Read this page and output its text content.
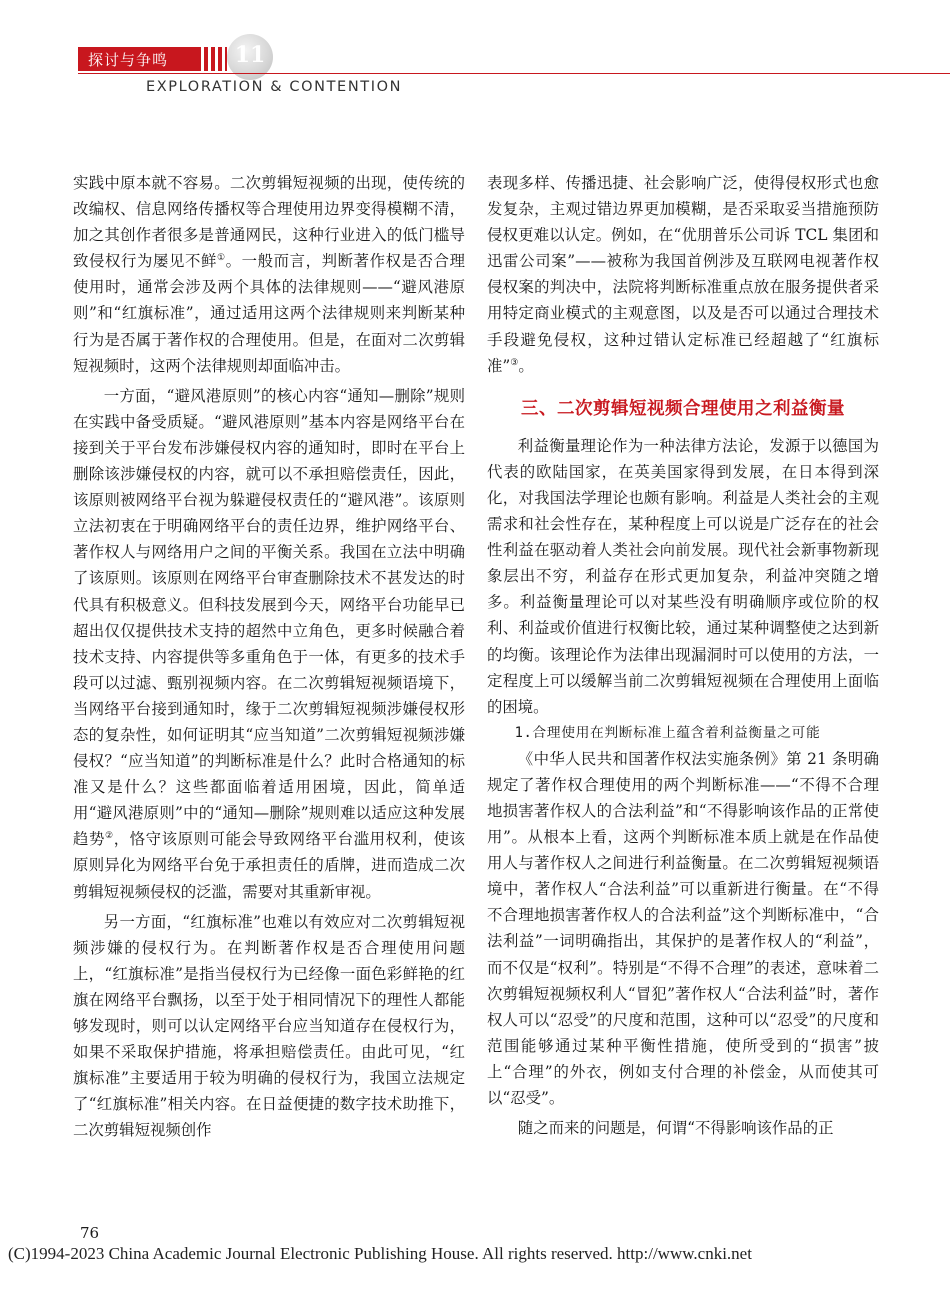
探讨与争鸣	11
EXPLORATION & CONTENTION

实践中原本就不容易。二次剪辑短视频的出现，使传统的改编权、信息网络传播权等合理使用边界变得模糊不清，加之其创作者很多是普通网民，这种行业进入的低门槛导致侵权行为屡见不鲜①。一般而言，判断著作权是否合理使用时，通常会涉及两个具体的法律规则——“避风港原则”和“红旗标准”，通过适用这两个法律规则来判断某种行为是否属于著作权的合理使用。但是，在面对二次剪辑短视频时，这两个法律规则却面临冲击。

一方面，“避风港原则”的核心内容“通知—删除”规则在实践中备受质疑。“避风港原则”基本内容是网络平台在接到关于平台发布涉嫌侵权内容的通知时，即时在平台上删除该涉嫌侵权的内容，就可以不承担赔偿责任，因此，该原则被网络平台视为躲避侵权责任的“避风港”。该原则立法初衷在于明确网络平台的责任边界，维护网络平台、著作权人与网络用户之间的平衡关系。我国在立法中明确了该原则。该原则在网络平台审查删除技术不甚发达的时代具有积极意义。但科技发展到今天，网络平台功能早已超出仅仅提供技术支持的超然中立角色，更多时候融合着技术支持、内容提供等多重角色于一体，有更多的技术手段可以过滤、甄别视频内容。在二次剪辑短视频语境下，当网络平台接到通知时，缘于二次剪辑短视频涉嫌侵权形态的复杂性，如何证明其“应当知道”二次剪辑短视频涉嫌侵权？“应当知道”的判断标准是什么？此时合格通知的标准又是什么？这些都面临着适用困境，因此，简单适用“避风港原则”中的“通知—删除”规则难以适应这种发展趋势②，恪守该原则可能会导致网络平台滥用权利，使该原则异化为网络平台免于承担责任的盾牌，进而造成二次剪辑短视频侵权的泛滥，需要对其重新审视。

另一方面，“红旗标准”也难以有效应对二次剪辑短视频涉嫌的侵权行为。在判断著作权是否合理使用问题上，“红旗标准”是指当侵权行为已经像一面色彩鲜艳的红旗在网络平台飘扬，以至于处于相同情况下的理性人都能够发现时，则可以认定网络平台应当知道存在侵权行为，如果不采取保护措施，将承担赔偿责任。由此可见，“红旗标准”主要适用于较为明确的侵权行为，我国立法规定了“红旗标准”相关内容。在日益便捷的数字技术助推下，二次剪辑短视频创作

表现多样、传播迅捷、社会影响广泛，使得侵权形式也愈发复杂，主观过错边界更加模糊，是否采取妥当措施预防侵权更难以认定。例如，在“优朋普乐公司诉 TCL 集团和迅雷公司案”——被称为我国首例涉及互联网电视著作权侵权案的判决中，法院将判断标准重点放在服务提供者采用特定商业模式的主观意图，以及是否可以通过合理技术手段避免侵权，这种过错认定标准已经超越了“红旗标准”③。

三、二次剪辑短视频合理使用之利益衡量

利益衡量理论作为一种法律方法论，发源于以德国为代表的欧陆国家，在英美国家得到发展，在日本得到深化，对我国法学理论也颇有影响。利益是人类社会的主观需求和社会性存在，某种程度上可以说是广泛存在的社会性利益在驱动着人类社会向前发展。现代社会新事物新现象层出不穷，利益存在形式更加复杂，利益冲突随之增多。利益衡量理论可以对某些没有明确顺序或位阶的权利、利益或价值进行权衡比较，通过某种调整使之达到新的均衡。该理论作为法律出现漏洞时可以使用的方法，一定程度上可以缓解当前二次剪辑短视频在合理使用上面临的困境。

1.合理使用在判断标准上蕴含着利益衡量之可能

《中华人民共和国著作权法实施条例》第 21 条明确规定了著作权合理使用的两个判断标准——“不得不合理地损害著作权人的合法利益”和“不得影响该作品的正常使用”。从根本上看，这两个判断标准本质上就是在作品使用人与著作权人之间进行利益衡量。在二次剪辑短视频语境中，著作权人“合法利益”可以重新进行衡量。在“不得不合理地损害著作权人的合法利益”这个判断标准中，“合法利益”一词明确指出，其保护的是著作权人的“利益”，而不仅是“权利”。特别是“不得不合理”的表述，意味着二次剪辑短视频权利人“冒犯”著作权人“合法利益”时，著作权人可以“忍受”的尺度和范围，这种可以“忍受”的尺度和范围能够通过某种平衡性措施，使所受到的“损害”披上“合理”的外衣，例如支付合理的补偿金，从而使其可以“忍受”。

随之而来的问题是，何谓“不得影响该作品的正

76
(C)1994-2023 China Academic Journal Electronic Publishing House. All rights reserved. http://www.cnki.net
